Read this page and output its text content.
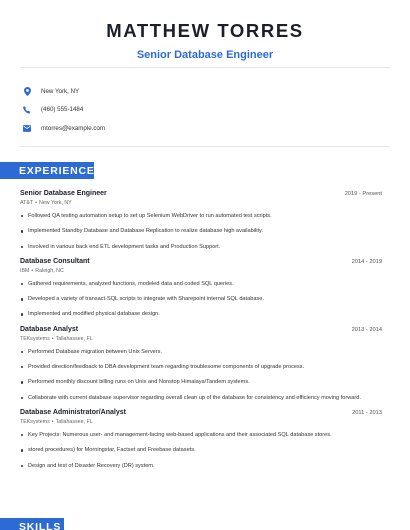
MATTHEW TORRES
Senior Database Engineer
New York, NY
(460) 555-1484
mtorres@example.com
EXPERIENCE
Senior Database Engineer	2019 - Present
AT&T • New York, NY
Followed QA testing automation setup to set up Selenium WebDriver to run automated test scripts.
Implemented Standby Database and Database Replication to realize database high availability.
Involved in various back end ETL development tasks and Production Support.
Database Consultant	2014 - 2019
IBM • Raleigh, NC
Gathered requirements, analyzed functions, modeled data and coded SQL queries.
Developed a variety of transact-SQL scripts to integrate with Sharepoint internal SQL database.
Implemented and modified physical database design.
Database Analyst	2013 - 2014
TEKsystems • Tallahassee, FL
Performed Database migration between Unix Servers.
Provided direction/feedback to DBA development team regarding troublesome components of upgrade process.
Performed monthly discount billing runs on Unix and Nonstop Himalaya/Tandem systems.
Collaborate with current database supervisor regarding overall clean up of the database for consistency and efficiency moving forward.
Database Administrator/Analyst	2011 - 2013
TEKsystems • Tallahassee, FL
Key Projects: Numerous user- and management-facing web-based applications and their associated SQL database stores.
stored procedures) for Morningstar, Factset and Freebase datasets.
Design and test of Disaster Recovery (DR) system.
SKILLS
